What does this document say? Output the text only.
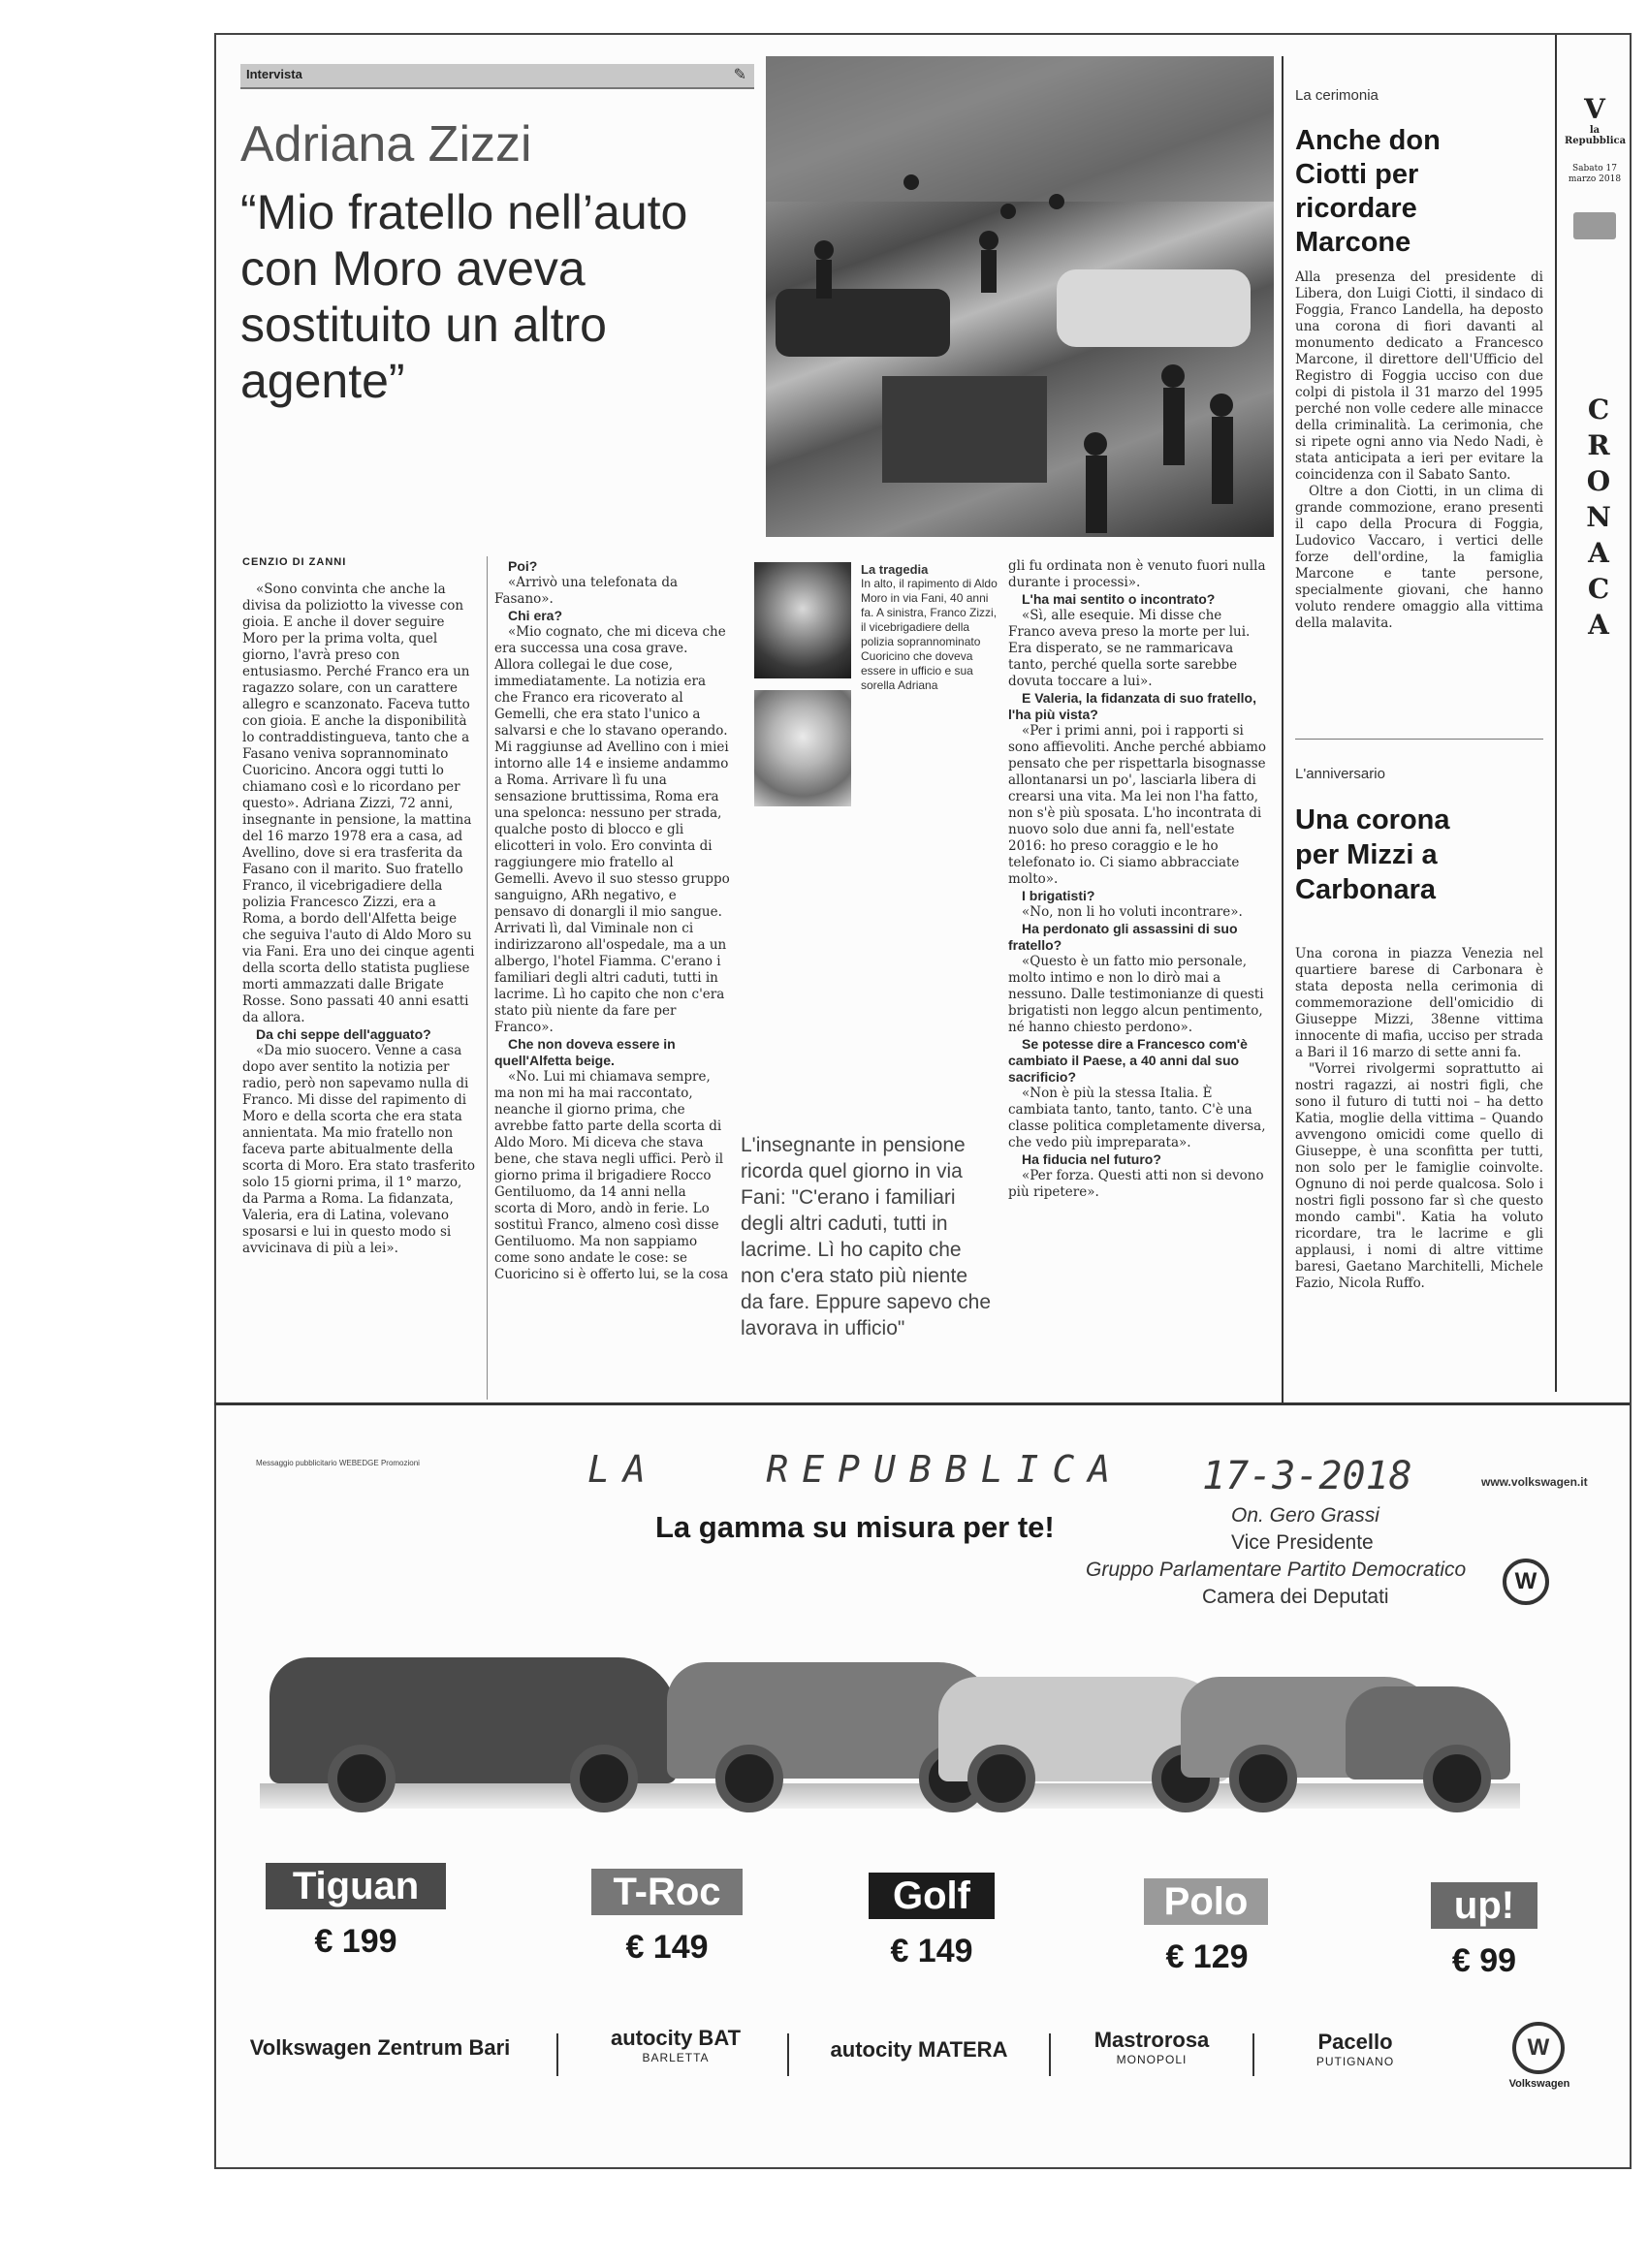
Intervista	✎
Adriana Zizzi
“Mio fratello nell’auto con Moro aveva sostituito un altro agente”
CENZIO DI ZANNI

«Sono convinta che anche la divisa da poliziotto la vivesse con gioia. E anche il dover seguire Moro per la prima volta, quel giorno, l'avrà preso con entusiasmo. Perché Franco era un ragazzo solare, con un carattere allegro e scanzonato. Faceva tutto con gioia. E anche la disponibilità lo contraddistingueva, tanto che a Fasano veniva soprannominato Cuoricino. Ancora oggi tutti lo chiamano così e lo ricordano per questo». Adriana Zizzi, 72 anni, insegnante in pensione, la mattina del 16 marzo 1978 era a casa, ad Avellino, dove si era trasferita da Fasano con il marito. Suo fratello Franco, il vicebrigadiere della polizia Francesco Zizzi, era a Roma, a bordo dell'Alfetta beige che seguiva l'auto di Aldo Moro su via Fani. Era uno dei cinque agenti della scorta dello statista pugliese morti ammazzati dalle Brigate Rosse. Sono passati 40 anni esatti da allora.

Da chi seppe dell'agguato?

«Da mio suocero. Venne a casa dopo aver sentito la notizia per radio, però non sapevamo nulla di Franco. Mi disse del rapimento di Moro e della scorta che era stata annientata. Ma mio fratello non faceva parte abitualmente della scorta di Moro. Era stato trasferito solo 15 giorni prima, il 1° marzo, da Parma a Roma. La fidanzata, Valeria, era di Latina, volevano sposarsi e lui in questo modo si avvicinava di più a lei».

Poi?

«Arrivò una telefonata da Fasano».

Chi era?

«Mio cognato, che mi diceva che era successa una cosa grave. Allora collegai le due cose, immediatamente. La notizia era che Franco era ricoverato al Gemelli, che era stato l'unico a salvarsi e che lo stavano operando. Mi raggiunse ad Avellino con i miei intorno alle 14 e insieme andammo a Roma. Arrivare lì fu una sensazione bruttissima, Roma era una spelonca: nessuno per strada, qualche posto di blocco e gli elicotteri in volo. Ero convinta di raggiungere mio fratello al Gemelli. Avevo il suo stesso gruppo sanguigno, ARh negativo, e pensavo di donargli il mio sangue. Arrivati lì, dal Viminale non ci indirizzarono all'ospedale, ma a un albergo, l'hotel Fiamma. C'erano i familiari degli altri caduti, tutti in lacrime. Lì ho capito che non c'era stato più niente da fare per Franco».

Che non doveva essere in quell'Alfetta beige.

«No. Lui mi chiamava sempre, ma non mi ha mai raccontato, neanche il giorno prima, che avrebbe fatto parte della scorta di Aldo Moro. Mi diceva che stava bene, che stava negli uffici. Però il giorno prima il brigadiere Rocco Gentiluomo, da 14 anni nella scorta di Moro, andò in ferie. Lo sostituì Franco, almeno così disse Gentiluomo. Ma non sappiamo come sono andate le cose: se Cuoricino si è offerto lui, se la cosa

La tragedia
In alto, il rapimento di Aldo Moro in via Fani, 40 anni fa. A sinistra, Franco Zizzi, il vicebrigadiere della polizia soprannominato Cuoricino che doveva essere in ufficio e sua sorella Adriana
L'insegnante in pensione ricorda quel giorno in via Fani: "C'erano i familiari degli altri caduti, tutti in lacrime. Lì ho capito che non c'era stato più niente da fare. Eppure sapevo che lavorava in ufficio"

gli fu ordinata non è venuto fuori nulla durante i processi».

L'ha mai sentito o incontrato?

«Sì, alle esequie. Mi disse che Franco aveva preso la morte per lui. Era disperato, se ne rammaricava tanto, perché quella sorte sarebbe dovuta toccare a lui».

E Valeria, la fidanzata di suo fratello, l'ha più vista?

«Per i primi anni, poi i rapporti si sono affievoliti. Anche perché abbiamo pensato che per rispettarla bisognasse allontanarsi un po', lasciarla libera di crearsi una vita. Ma lei non l'ha fatto, non s'è più sposata. L'ho incontrata di nuovo solo due anni fa, nell'estate 2016: ho preso coraggio e le ho telefonato io. Ci siamo abbracciate molto».

I brigatisti?

«No, non li ho voluti incontrare».

Ha perdonato gli assassini di suo fratello?

«Questo è un fatto mio personale, molto intimo e non lo dirò mai a nessuno. Dalle testimonianze di questi brigatisti non leggo alcun pentimento, né hanno chiesto perdono».

Se potesse dire a Francesco com'è cambiato il Paese, a 40 anni dal suo sacrificio?

«Non è più la stessa Italia. È cambiata tanto, tanto, tanto. C'è una classe politica completamente diversa, che vedo più impreparata».

Ha fiducia nel futuro?

«Per forza. Questi atti non si devono più ripetere».

La cerimonia
Anche don Ciotti per ricordare Marcone

Alla presenza del presidente di Libera, don Luigi Ciotti, il sindaco di Foggia, Franco Landella, ha deposto una corona di fiori davanti al monumento dedicato a Francesco Marcone, il direttore dell'Ufficio del Registro di Foggia ucciso con due colpi di pistola il 31 marzo del 1995 perché non volle cedere alle minacce della criminalità. La cerimonia, che si ripete ogni anno via Nedo Nadi, è stata anticipata a ieri per evitare la coincidenza con il Sabato Santo.

Oltre a don Ciotti, in un clima di grande commozione, erano presenti il capo della Procura di Foggia, Ludovico Vaccaro, i vertici delle forze dell'ordine, la famiglia Marcone e tante persone, specialmente giovani, che hanno voluto rendere omaggio alla vittima della malavita.

L'anniversario
Una corona per Mizzi a Carbonara

Una corona in piazza Venezia nel quartiere barese di Carbonara è stata deposta nella cerimonia di commemorazione dell'omicidio di Giuseppe Mizzi, 38enne vittima innocente di mafia, ucciso per strada a Bari il 16 marzo di sette anni fa.

"Vorrei rivolgermi soprattutto ai nostri ragazzi, ai nostri figli, che sono il futuro di tutti noi – ha detto Katia, moglie della vittima – Quando avvengono omicidi come quello di Giuseppe, è una sconfitta per tutti, non solo per le famiglie coinvolte. Ognuno di noi perde qualcosa. Solo i nostri figli possono far sì che questo mondo cambi". Katia ha voluto ricordare, tra le lacrime e gli applausi, i nomi di altre vittime baresi, Gaetano Marchitelli, Michele Fazio, Nicola Ruffo.

V
la Repubblica
Sabato 17 marzo 2018
CRONACA
LA   REPUBBLICA 17-3-2018
On. Gero Grassi
Vice Presidente
Gruppo Parlamentare Partito Democratico
Camera dei Deputati
Messaggio pubblicitario WEBEDGE Promozioni
www.volkswagen.it
La gamma su misura per te!
W
Tiguan
€ 199
T-Roc
€ 149
Golf
€ 149
Polo
€ 129
up!
€ 99
Volkswagen Zentrum Bari	autocity BAT
BARLETTA	autocity MATERA	Mastrorosa
MONOPOLI
Pacello
PUTIGNANO
W
Volkswagen
